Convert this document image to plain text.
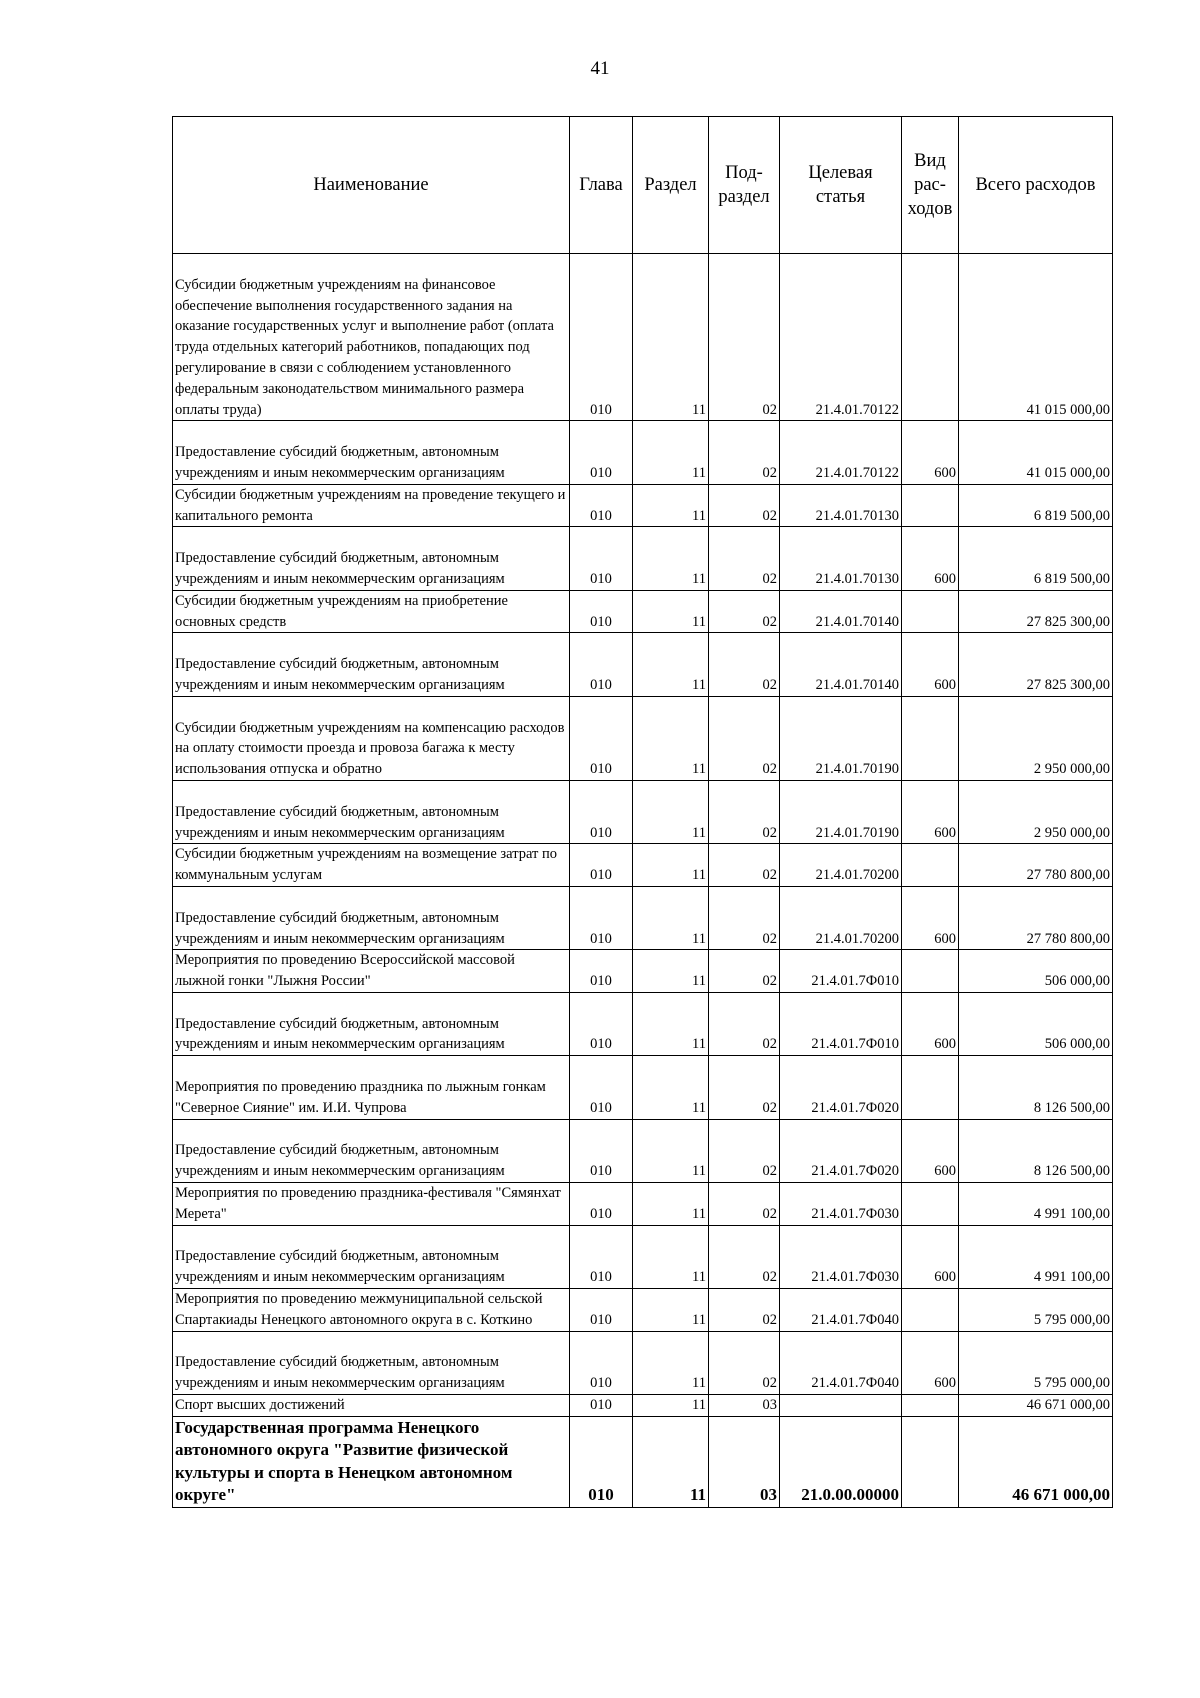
41
Наименование	Глава	Раздел	Под-раздел	Целевая статья	Вид рас-ходов	Всего расходов

Субсидии бюджетным учреждениям на финансовое обеспечение выполнения государственного задания на оказание государственных услуг и выполнение работ (оплата труда отдельных категорий работников, попадающих под регулирование в связи с соблюдением установленного федеральным законодательством минимального размера оплаты труда)	010	11	02	21.4.01.70122		41 015 000,00

Предоставление субсидий бюджетным, автономным учреждениям и иным некоммерческим организациям	010	11	02	21.4.01.70122	600	41 015 000,00
Субсидии бюджетным учреждениям на проведение текущего и капитального ремонта	010	11	02	21.4.01.70130		6 819 500,00

Предоставление субсидий бюджетным, автономным учреждениям и иным некоммерческим организациям	010	11	02	21.4.01.70130	600	6 819 500,00
Субсидии бюджетным учреждениям на приобретение основных средств	010	11	02	21.4.01.70140		27 825 300,00

Предоставление субсидий бюджетным, автономным учреждениям и иным некоммерческим организациям	010	11	02	21.4.01.70140	600	27 825 300,00

Субсидии бюджетным учреждениям на компенсацию расходов на оплату стоимости проезда и провоза багажа к месту использования отпуска и обратно	010	11	02	21.4.01.70190		2 950 000,00

Предоставление субсидий бюджетным, автономным учреждениям и иным некоммерческим организациям	010	11	02	21.4.01.70190	600	2 950 000,00
Субсидии бюджетным учреждениям на возмещение затрат по коммунальным услугам	010	11	02	21.4.01.70200		27 780 800,00

Предоставление субсидий бюджетным, автономным учреждениям и иным некоммерческим организациям	010	11	02	21.4.01.70200	600	27 780 800,00
Мероприятия по проведению Всероссийской массовой лыжной гонки "Лыжня России"	010	11	02	21.4.01.7Ф010		506 000,00

Предоставление субсидий бюджетным, автономным учреждениям и иным некоммерческим организациям	010	11	02	21.4.01.7Ф010	600	506 000,00

Мероприятия по проведению праздника по лыжным гонкам "Северное Сияние" им. И.И. Чупрова	010	11	02	21.4.01.7Ф020		8 126 500,00

Предоставление субсидий бюджетным, автономным учреждениям и иным некоммерческим организациям	010	11	02	21.4.01.7Ф020	600	8 126 500,00
Мероприятия по проведению праздника-фестиваля "Сямянхат Мерета"	010	11	02	21.4.01.7Ф030		4 991 100,00

Предоставление субсидий бюджетным, автономным учреждениям и иным некоммерческим организациям	010	11	02	21.4.01.7Ф030	600	4 991 100,00
Мероприятия по проведению межмуниципальной сельской Спартакиады Ненецкого автономного округа в с. Коткино	010	11	02	21.4.01.7Ф040		5 795 000,00

Предоставление субсидий бюджетным, автономным учреждениям и иным некоммерческим организациям	010	11	02	21.4.01.7Ф040	600	5 795 000,00
Спорт высших достижений	010	11	03			46 671 000,00
Государственная программа Ненецкого автономного округа "Развитие физической культуры и спорта в Ненецком автономном округе"	010	11	03	21.0.00.00000		46 671 000,00
